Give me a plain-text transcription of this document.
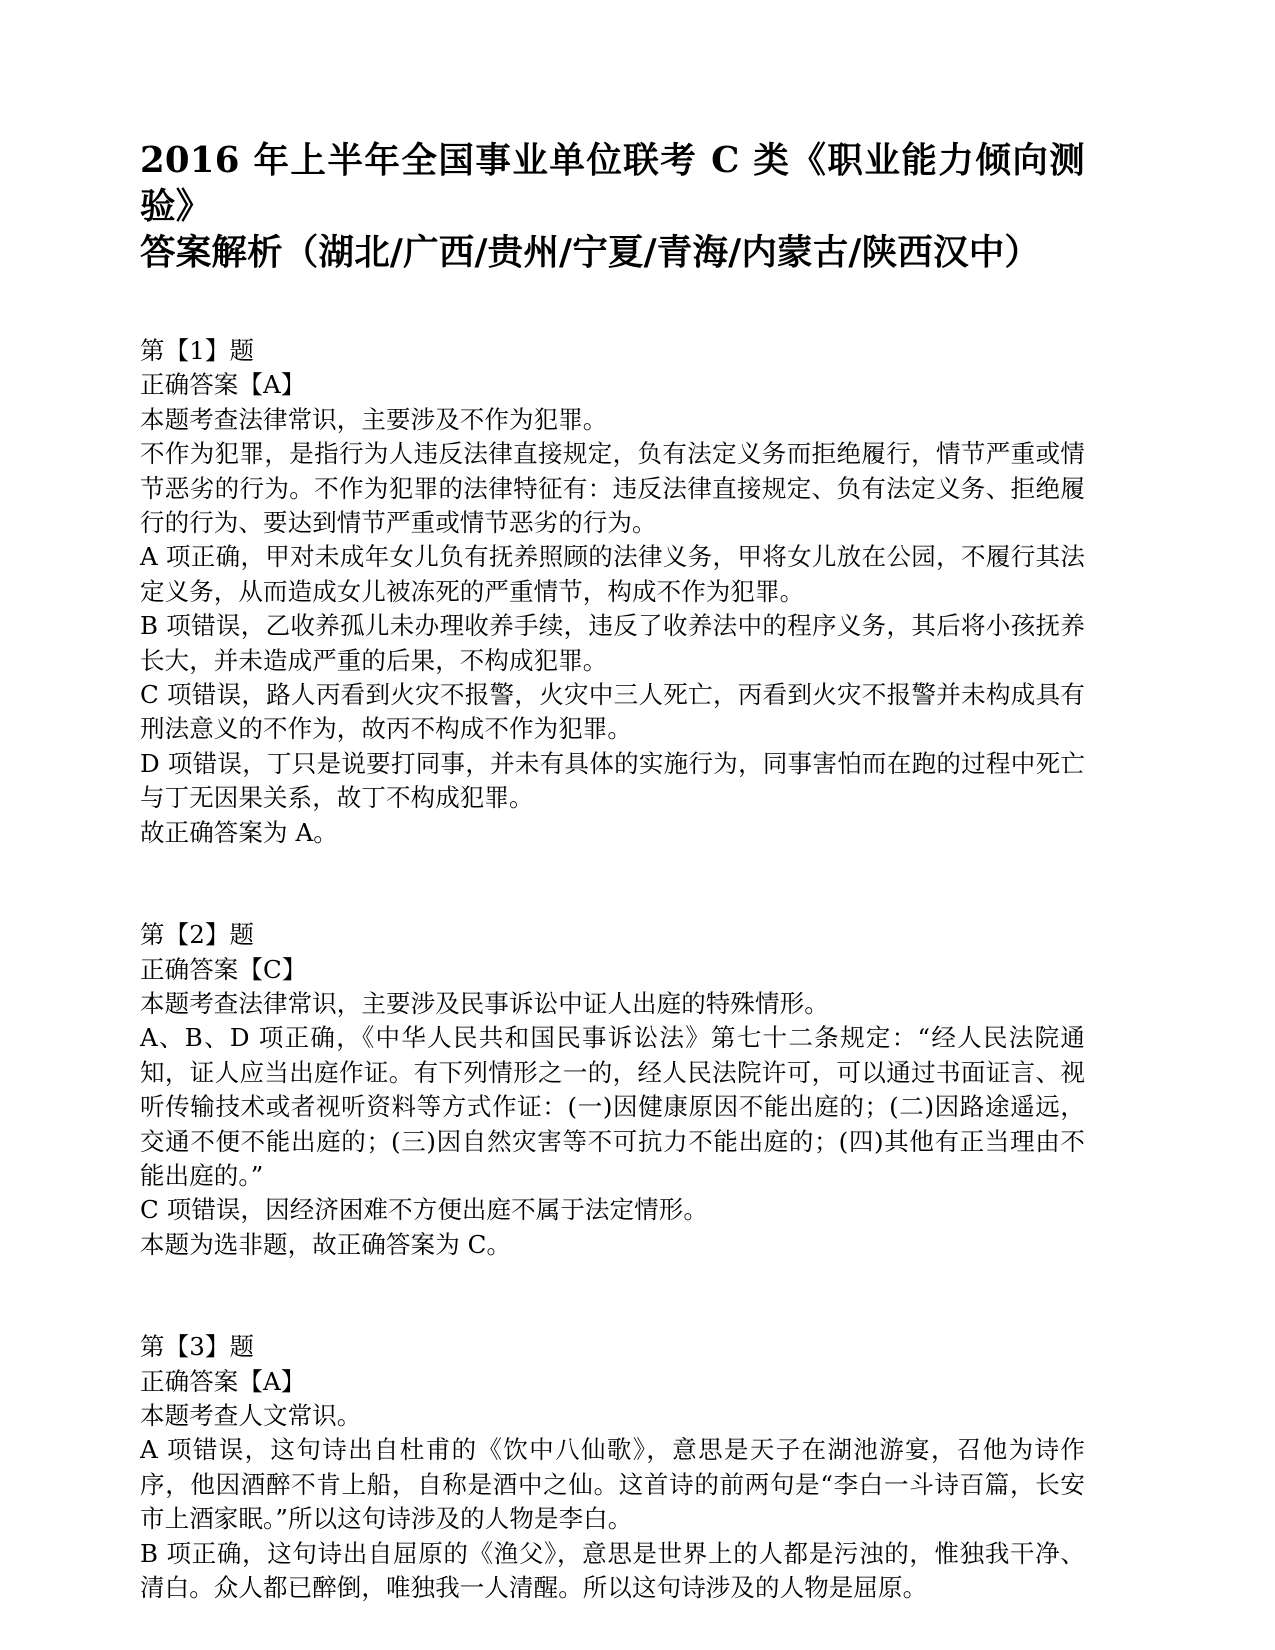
2016 年上半年全国事业单位联考 C 类《职业能力倾向测验》
答案解析（湖北/广西/贵州/宁夏/青海/内蒙古/陕西汉中）

第【1】题

正确答案【A】

本题考查法律常识，主要涉及不作为犯罪。

不作为犯罪，是指行为人违反法律直接规定，负有法定义务而拒绝履行，情节严重或情节恶劣的行为。不作为犯罪的法律特征有：违反法律直接规定、负有法定义务、拒绝履行的行为、要达到情节严重或情节恶劣的行为。

A 项正确，甲对未成年女儿负有抚养照顾的法律义务，甲将女儿放在公园，不履行其法定义务，从而造成女儿被冻死的严重情节，构成不作为犯罪。

B 项错误，乙收养孤儿未办理收养手续，违反了收养法中的程序义务，其后将小孩抚养长大，并未造成严重的后果，不构成犯罪。

C 项错误，路人丙看到火灾不报警，火灾中三人死亡，丙看到火灾不报警并未构成具有刑法意义的不作为，故丙不构成不作为犯罪。

D 项错误，丁只是说要打同事，并未有具体的实施行为，同事害怕而在跑的过程中死亡与丁无因果关系，故丁不构成犯罪。

故正确答案为 A。

第【2】题

正确答案【C】

本题考查法律常识，主要涉及民事诉讼中证人出庭的特殊情形。

A、B、D 项正确，《中华人民共和国民事诉讼法》第七十二条规定：“经人民法院通知，证人应当出庭作证。有下列情形之一的，经人民法院许可，可以通过书面证言、视听传输技术或者视听资料等方式作证：(一)因健康原因不能出庭的；(二)因路途遥远，交通不便不能出庭的；(三)因自然灾害等不可抗力不能出庭的；(四)其他有正当理由不能出庭的。”

C 项错误，因经济困难不方便出庭不属于法定情形。

本题为选非题，故正确答案为 C。

第【3】题

正确答案【A】

本题考查人文常识。

A 项错误，这句诗出自杜甫的《饮中八仙歌》，意思是天子在湖池游宴，召他为诗作序，他因酒醉不肯上船，自称是酒中之仙。这首诗的前两句是“李白一斗诗百篇，长安市上酒家眠。”所以这句诗涉及的人物是李白。

B 项正确，这句诗出自屈原的《渔父》，意思是世界上的人都是污浊的，惟独我干净、清白。众人都已醉倒，唯独我一人清醒。所以这句诗涉及的人物是屈原。
